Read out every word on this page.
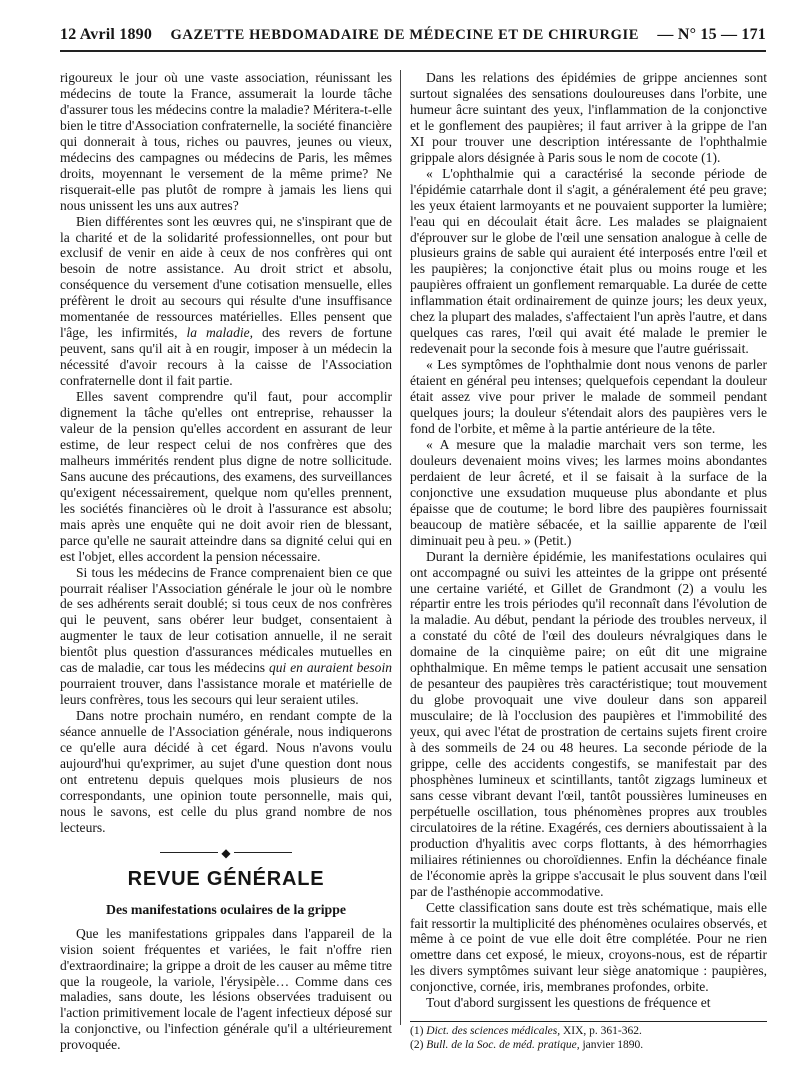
12 Avril 1890 GAZETTE HEBDOMADAIRE DE MÉDECINE ET DE CHIRURGIE — N° 15 — 171

rigoureux le jour où une vaste association, réunissant les médecins de toute la France, assumerait la lourde tâche d'assurer tous les médecins contre la maladie? Méritera-t-elle bien le titre d'Association confraternelle, la société financière qui donnerait à tous, riches ou pauvres, jeunes ou vieux, médecins des campagnes ou médecins de Paris, les mêmes droits, moyennant le versement de la même prime? Ne risquerait-elle pas plutôt de rompre à jamais les liens qui nous unissent les uns aux autres?

Bien différentes sont les œuvres qui, ne s'inspirant que de la charité et de la solidarité professionnelles, ont pour but exclusif de venir en aide à ceux de nos confrères qui ont besoin de notre assistance. Au droit strict et absolu, conséquence du versement d'une cotisation mensuelle, elles préfèrent le droit au secours qui résulte d'une insuffisance momentanée de ressources matérielles. Elles pensent que l'âge, les infirmités, la maladie, des revers de fortune peuvent, sans qu'il ait à en rougir, imposer à un médecin la nécessité d'avoir recours à la caisse de l'Association confraternelle dont il fait partie.

Elles savent comprendre qu'il faut, pour accomplir dignement la tâche qu'elles ont entreprise, rehausser la valeur de la pension qu'elles accordent en assurant de leur estime, de leur respect celui de nos confrères que des malheurs immérités rendent plus digne de notre sollicitude. Sans aucune des précautions, des examens, des surveillances qu'exigent nécessairement, quelque nom qu'elles prennent, les sociétés financières où le droit à l'assurance est absolu; mais après une enquête qui ne doit avoir rien de blessant, parce qu'elle ne saurait atteindre dans sa dignité celui qui en est l'objet, elles accordent la pension nécessaire.

Si tous les médecins de France comprenaient bien ce que pourrait réaliser l'Association générale le jour où le nombre de ses adhérents serait doublé; si tous ceux de nos confrères qui le peuvent, sans obérer leur budget, consentaient à augmenter le taux de leur cotisation annuelle, il ne serait bientôt plus question d'assurances médicales mutuelles en cas de maladie, car tous les médecins qui en auraient besoin pourraient trouver, dans l'assistance morale et matérielle de leurs confrères, tous les secours qui leur seraient utiles.

Dans notre prochain numéro, en rendant compte de la séance annuelle de l'Association générale, nous indiquerons ce qu'elle aura décidé à cet égard. Nous n'avons voulu aujourd'hui qu'exprimer, au sujet d'une question dont nous ont entretenu depuis quelques mois plusieurs de nos correspondants, une opinion toute personnelle, mais qui, nous le savons, est celle du plus grand nombre de nos lecteurs.

◆
REVUE GÉNÉRALE
Des manifestations oculaires de la grippe

Que les manifestations grippales dans l'appareil de la vision soient fréquentes et variées, le fait n'offre rien d'extraordinaire; la grippe a droit de les causer au même titre que la rougeole, la variole, l'érysipèle… Comme dans ces maladies, sans doute, les lésions observées traduisent ou l'action primitivement locale de l'agent infectieux déposé sur la conjonctive, ou l'infection générale qu'il a ultérieurement provoquée.

Dans les relations des épidémies de grippe anciennes sont surtout signalées des sensations douloureuses dans l'orbite, une humeur âcre suintant des yeux, l'inflammation de la conjonctive et le gonflement des paupières; il faut arriver à la grippe de l'an XI pour trouver une description intéressante de l'ophthalmie grippale alors désignée à Paris sous le nom de cocote (1).

« L'ophthalmie qui a caractérisé la seconde période de l'épidémie catarrhale dont il s'agit, a généralement été peu grave; les yeux étaient larmoyants et ne pouvaient supporter la lumière; l'eau qui en découlait était âcre. Les malades se plaignaient d'éprouver sur le globe de l'œil une sensation analogue à celle de plusieurs grains de sable qui auraient été interposés entre l'œil et les paupières; la conjonctive était plus ou moins rouge et les paupières offraient un gonflement remarquable. La durée de cette inflammation était ordinairement de quinze jours; les deux yeux, chez la plupart des malades, s'affectaient l'un après l'autre, et dans quelques cas rares, l'œil qui avait été malade le premier le redevenait pour la seconde fois à mesure que l'autre guérissait.

« Les symptômes de l'ophthalmie dont nous venons de parler étaient en général peu intenses; quelquefois cependant la douleur était assez vive pour priver le malade de sommeil pendant quelques jours; la douleur s'étendait alors des paupières vers le fond de l'orbite, et même à la partie antérieure de la tête.

« A mesure que la maladie marchait vers son terme, les douleurs devenaient moins vives; les larmes moins abondantes perdaient de leur âcreté, et il se faisait à la surface de la conjonctive une exsudation muqueuse plus abondante et plus épaisse que de coutume; le bord libre des paupières fournissait beaucoup de matière sébacée, et la saillie apparente de l'œil diminuait peu à peu. » (Petit.)

Durant la dernière épidémie, les manifestations oculaires qui ont accompagné ou suivi les atteintes de la grippe ont présenté une certaine variété, et Gillet de Grandmont (2) a voulu les répartir entre les trois périodes qu'il reconnaît dans l'évolution de la maladie. Au début, pendant la période des troubles nerveux, il a constaté du côté de l'œil des douleurs névralgiques dans le domaine de la cinquième paire; on eût dit une migraine ophthalmique. En même temps le patient accusait une sensation de pesanteur des paupières très caractéristique; tout mouvement du globe provoquait une vive douleur dans son appareil musculaire; de là l'occlusion des paupières et l'immobilité des yeux, qui avec l'état de prostration de certains sujets firent croire à des sommeils de 24 ou 48 heures. La seconde période de la grippe, celle des accidents congestifs, se manifestait par des phosphènes lumineux et scintillants, tantôt zigzags lumineux et sans cesse vibrant devant l'œil, tantôt poussières lumineuses en perpétuelle oscillation, tous phénomènes propres aux troubles circulatoires de la rétine. Exagérés, ces derniers aboutissaient à la production d'hyalitis avec corps flottants, à des hémorrhagies miliaires rétiniennes ou choroïdiennes. Enfin la déchéance finale de l'économie après la grippe s'accusait le plus souvent dans l'œil par de l'asthénopie accommodative.

Cette classification sans doute est très schématique, mais elle fait ressortir la multiplicité des phénomènes oculaires observés, et même à ce point de vue elle doit être complétée. Pour ne rien omettre dans cet exposé, le mieux, croyons-nous, est de répartir les divers symptômes suivant leur siège anatomique : paupières, conjonctive, cornée, iris, membranes profondes, orbite.

Tout d'abord surgissent les questions de fréquence et

(1) Dict. des sciences médicales, XIX, p. 361-362.

(2) Bull. de la Soc. de méd. pratique, janvier 1890.
